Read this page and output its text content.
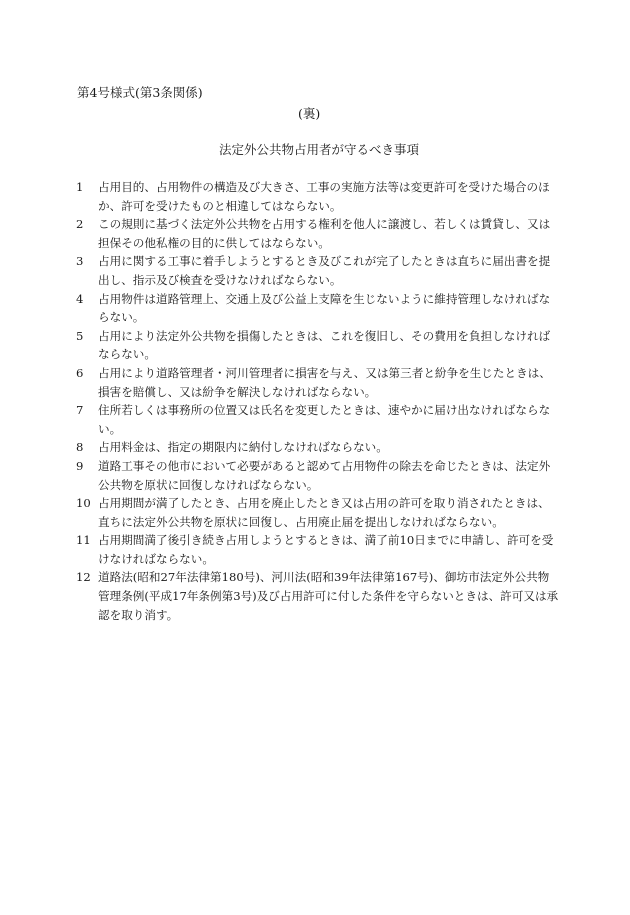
第4号様式(第3条関係)
(裏)
法定外公共物占用者が守るべき事項
1 占用目的、占用物件の構造及び大きさ、工事の実施方法等は変更許可を受けた場合のほか、許可を受けたものと相違してはならない。
2 この規則に基づく法定外公共物を占用する権利を他人に譲渡し、若しくは賃貸し、又は担保その他私権の目的に供してはならない。
3 占用に関する工事に着手しようとするとき及びこれが完了したときは直ちに届出書を提出し、指示及び検査を受けなければならない。
4 占用物件は道路管理上、交通上及び公益上支障を生じないように維持管理しなければならない。
5 占用により法定外公共物を損傷したときは、これを復旧し、その費用を負担しなければならない。
6 占用により道路管理者・河川管理者に損害を与え、又は第三者と紛争を生じたときは、損害を賠償し、又は紛争を解決しなければならない。
7 住所若しくは事務所の位置又は氏名を変更したときは、速やかに届け出なければならない。
8 占用料金は、指定の期限内に納付しなければならない。
9 道路工事その他市において必要があると認めて占用物件の除去を命じたときは、法定外公共物を原状に回復しなければならない。
10 占用期間が満了したとき、占用を廃止したとき又は占用の許可を取り消されたときは、直ちに法定外公共物を原状に回復し、占用廃止届を提出しなければならない。
11 占用期間満了後引き続き占用しようとするときは、満了前10日までに申請し、許可を受けなければならない。
12 道路法(昭和27年法律第180号)、河川法(昭和39年法律第167号)、御坊市法定外公共物管理条例(平成17年条例第3号)及び占用許可に付した条件を守らないときは、許可又は承認を取り消す。
